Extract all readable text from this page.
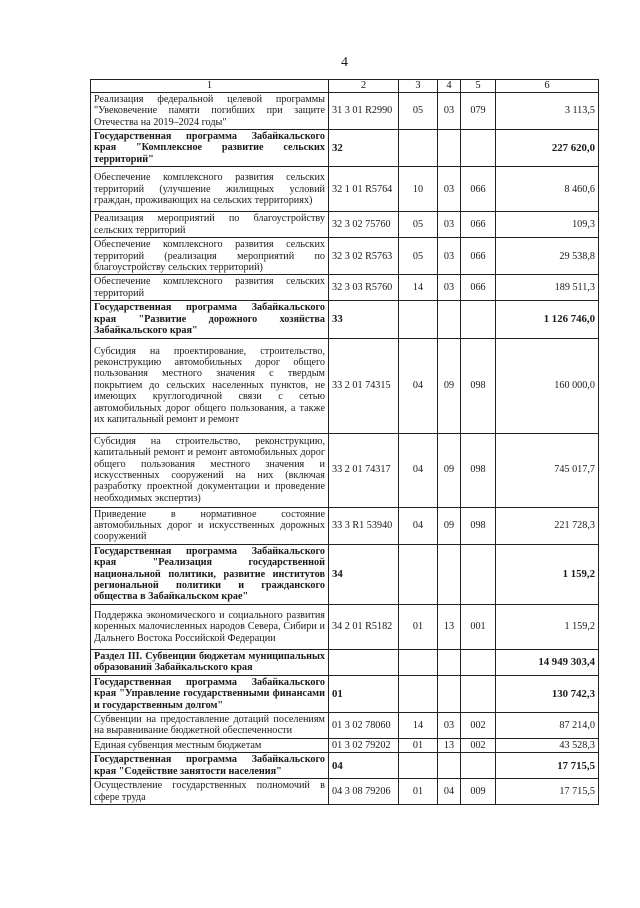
4
1	2	3	4	5	6
Реализация федеральной целевой программы "Увековечение памяти погибших при защите Отечества на 2019–2024 годы"	31 3 01 R2990	05	03	079	3 113,5
Государственная программа Забайкальского края "Комплексное развитие сельских территорий"	32				227 620,0
Обеспечение комплексного развития сельских территорий (улучшение жилищных условий граждан, проживающих на сельских территориях)	32 1 01 R5764	10	03	066	8 460,6
Реализация мероприятий по благоустройству сельских территорий	32 3 02 75760	05	03	066	109,3
Обеспечение комплексного развития сельских территорий (реализация мероприятий по благоустройству сельских территорий)	32 3 02 R5763	05	03	066	29 538,8
Обеспечение комплексного развития сельских территорий	32 3 03 R5760	14	03	066	189 511,3
Государственная программа Забайкальского края "Развитие дорожного хозяйства Забайкальского края"	33				1 126 746,0
Субсидия на проектирование, строительство, реконструкцию автомобильных дорог общего пользования местного значения с твердым покрытием до сельских населенных пунктов, не имеющих круглогодичной связи с сетью автомобильных дорог общего пользования, а также их капитальный ремонт и ремонт	33 2 01 74315	04	09	098	160 000,0
Субсидия на строительство, реконструкцию, капитальный ремонт и ремонт автомобильных дорог общего пользования местного значения и искусственных сооружений на них (включая разработку проектной документации и проведение необходимых экспертиз)	33 2 01 74317	04	09	098	745 017,7
Приведение в нормативное состояние автомобильных дорог и искусственных дорожных сооружений	33 3 R1 53940	04	09	098	221 728,3
Государственная программа Забайкальского края "Реализация государственной национальной политики, развитие институтов региональной политики и гражданского общества в Забайкальском крае"	34				1 159,2
Поддержка экономического и социального развития коренных малочисленных народов Севера, Сибири и Дальнего Востока Российской Федерации	34 2 01 R5182	01	13	001	1 159,2
Раздел III. Субвенции бюджетам муниципальных образований Забайкальского края					14 949 303,4
Государственная программа Забайкальского края "Управление государственными финансами и государственным долгом"	01				130 742,3
Субвенции на предоставление дотаций поселениям на выравнивание бюджетной обеспеченности	01 3 02 78060	14	03	002	87 214,0
Единая субвенция местным бюджетам	01 3 02 79202	01	13	002	43 528,3
Государственная программа Забайкальского края "Содействие занятости населения"	04				17 715,5
Осуществление государственных полномочий в сфере труда	04 3 08 79206	01	04	009	17 715,5
